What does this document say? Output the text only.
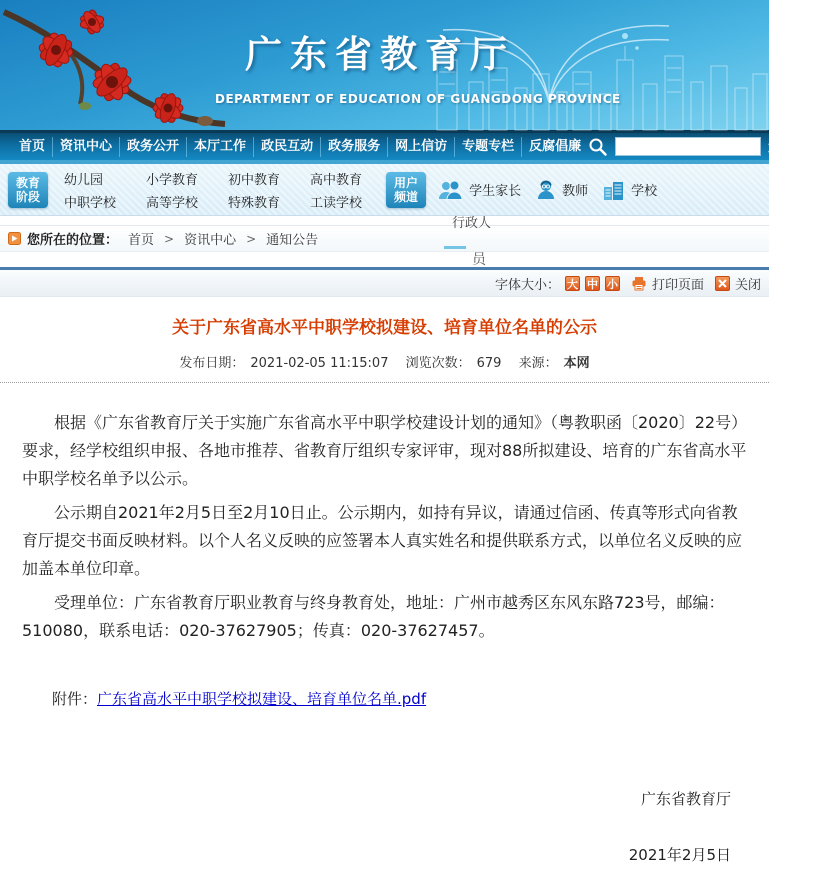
广东省教育厅
DEPARTMENT OF EDUCATION OF GUANGDONG PROVINCE
首页	资讯中心	政务公开	本厅工作	政民互动	政务服务	网上信访	专题专栏	反腐倡廉	站内搜索
教育
阶段
幼儿园
中职学校
小学教育
高等学校
初中教育
特殊教育
高中教育
工读学校
用户
频道	学生家长	教师	学校
行政人
您所在的位置： 首页 > 资讯中心 > 通知公告
员
字体大小： 大 中 小	打印页面 关闭
关于广东省高水平中职学校拟建设、培育单位名单的公示
发布日期： 2021-02-05 11:15:07 浏览次数： 679 来源： 本网

根据《广东省教育厅关于实施广东省高水平中职学校建设计划的通知》（粤教职函〔2020〕22号）要求，经学校组织申报、各地市推荐、省教育厅组织专家评审，现对88所拟建设、培育的广东省高水平中职学校名单予以公示。

公示期自2021年2月5日至2月10日止。公示期内，如持有异议，请通过信函、传真等形式向省教育厅提交书面反映材料。以个人名义反映的应签署本人真实姓名和提供联系方式，以单位名义反映的应加盖本单位印章。

受理单位：广东省教育厅职业教育与终身教育处，地址：广州市越秀区东风东路723号，邮编：510080，联系电话：020-37627905；传真：020-37627457。

附件：广东省高水平中职学校拟建设、培育单位名单.pdf
广东省教育厅
2021年2月5日
